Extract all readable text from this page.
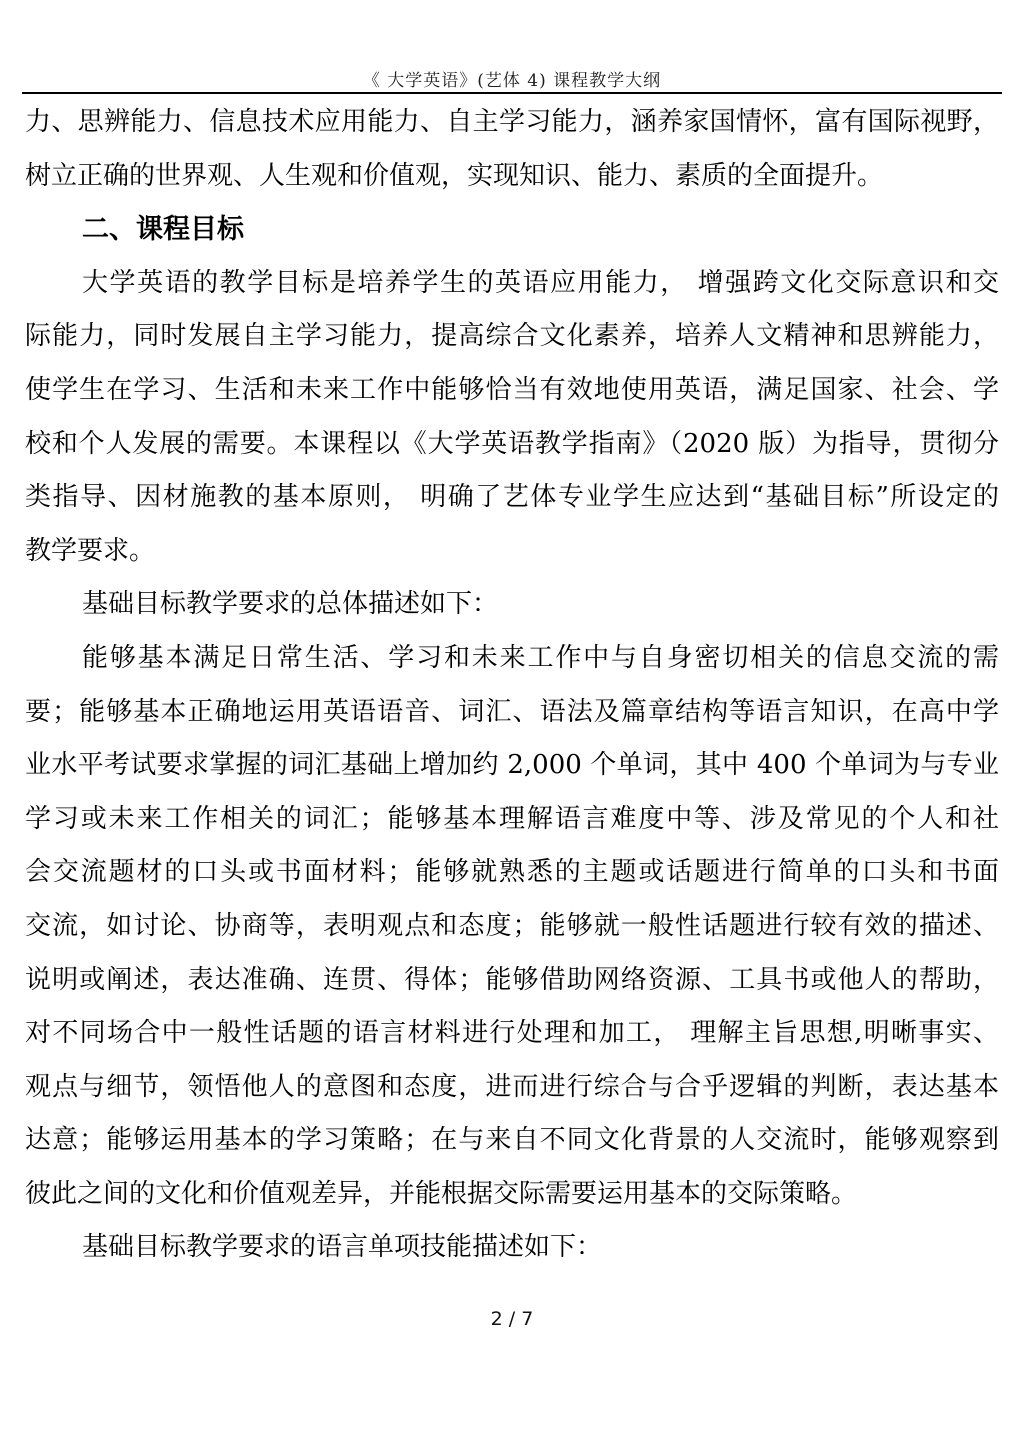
《 大学英语》(艺体 4) 课程教学大纲
力、思辨能力、信息技术应用能力、自主学习能力，涵养家国情怀，富有国际视野，
树立正确的世界观、人生观和价值观，实现知识、能力、素质的全面提升。
二、课程目标
大学英语的教学目标是培养学生的英语应用能力， 增强跨文化交际意识和交
际能力，同时发展自主学习能力，提高综合文化素养，培养人文精神和思辨能力，
使学生在学习、生活和未来工作中能够恰当有效地使用英语，满足国家、社会、学
校和个人发展的需要。本课程以《大学英语教学指南》（2020 版）为指导，贯彻分
类指导、因材施教的基本原则， 明确了艺体专业学生应达到“基础目标”所设定的
教学要求。
基础目标教学要求的总体描述如下：
能够基本满足日常生活、学习和未来工作中与自身密切相关的信息交流的需
要；能够基本正确地运用英语语音、词汇、语法及篇章结构等语言知识，在高中学
业水平考试要求掌握的词汇基础上增加约 2,000 个单词，其中 400 个单词为与专业
学习或未来工作相关的词汇；能够基本理解语言难度中等、涉及常见的个人和社
会交流题材的口头或书面材料；能够就熟悉的主题或话题进行简单的口头和书面
交流，如讨论、协商等，表明观点和态度；能够就一般性话题进行较有效的描述、
说明或阐述，表达准确、连贯、得体；能够借助网络资源、工具书或他人的帮助，
对不同场合中一般性话题的语言材料进行处理和加工， 理解主旨思想,明晰事实、
观点与细节，领悟他人的意图和态度，进而进行综合与合乎逻辑的判断，表达基本
达意；能够运用基本的学习策略；在与来自不同文化背景的人交流时，能够观察到
彼此之间的文化和价值观差异，并能根据交际需要运用基本的交际策略。
基础目标教学要求的语言单项技能描述如下：
2 / 7
